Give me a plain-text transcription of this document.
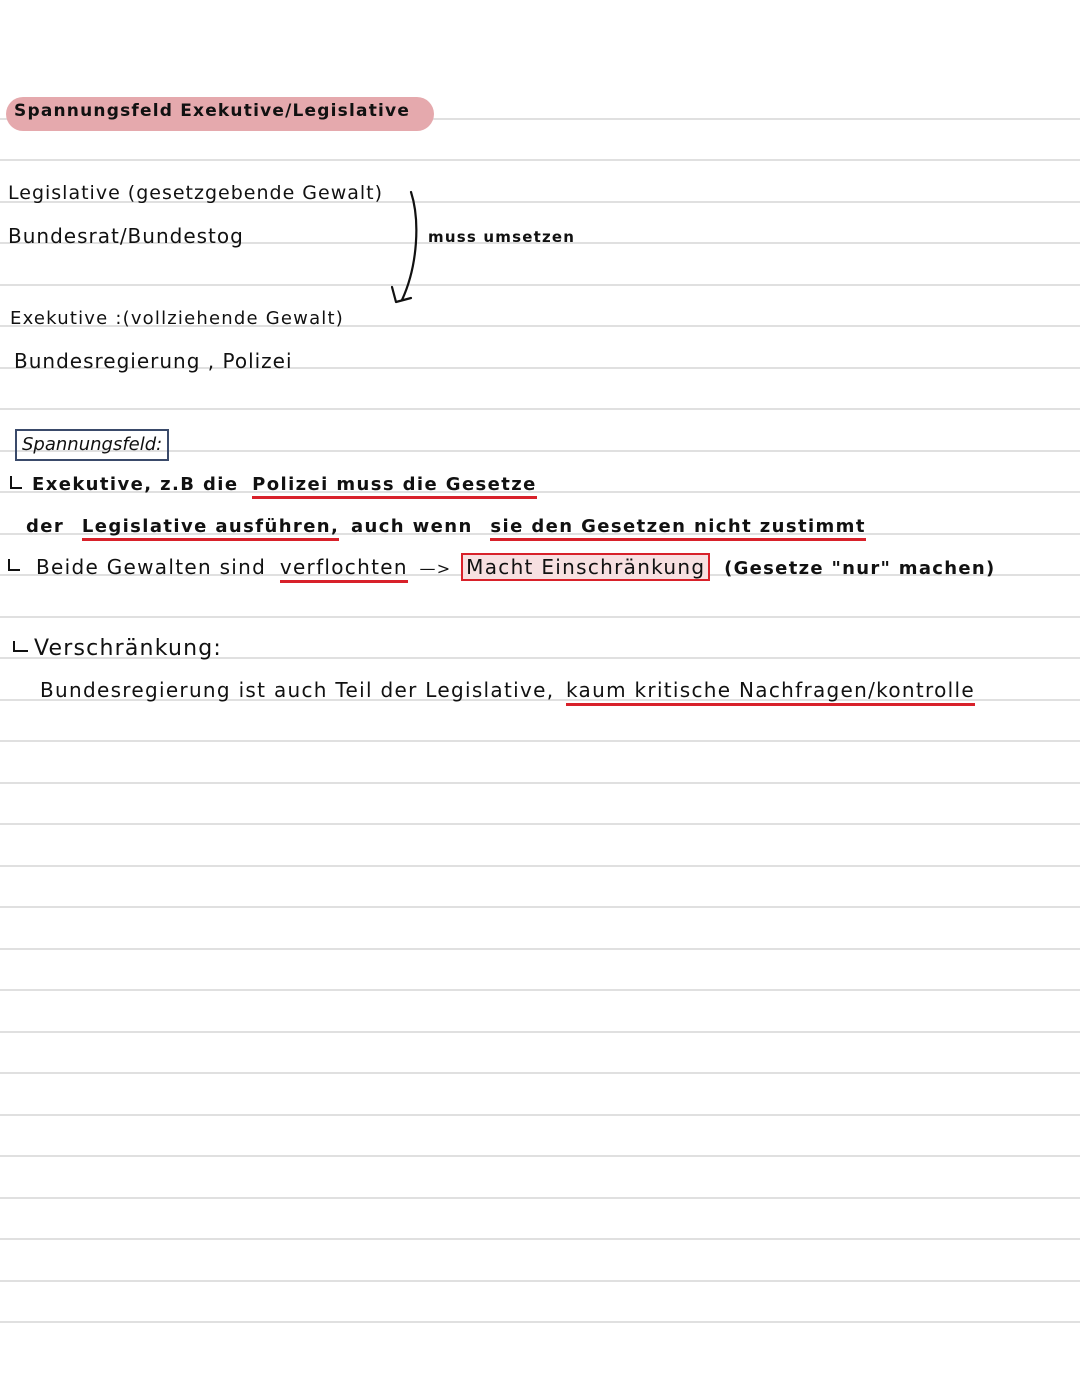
Spannungsfeld Exekutive/Legislative
Legislative (gesetzgebende Gewalt)
Bundesrat/Bundestog	muss umsetzen
Exekutive :(vollziehende Gewalt)
Bundesregierung , Polizei
Spannungsfeld:
Exekutive, z.B die Polizei muss die Gesetze
der Legislative ausführen, auch wenn sie den Gesetzen nicht zustimmt
Beide Gewalten sind verflochten —> Macht Einschränkung (Gesetze "nur" machen)
Verschränkung:
Bundesregierung ist auch Teil der Legislative, kaum kritische Nachfragen/kontrolle
